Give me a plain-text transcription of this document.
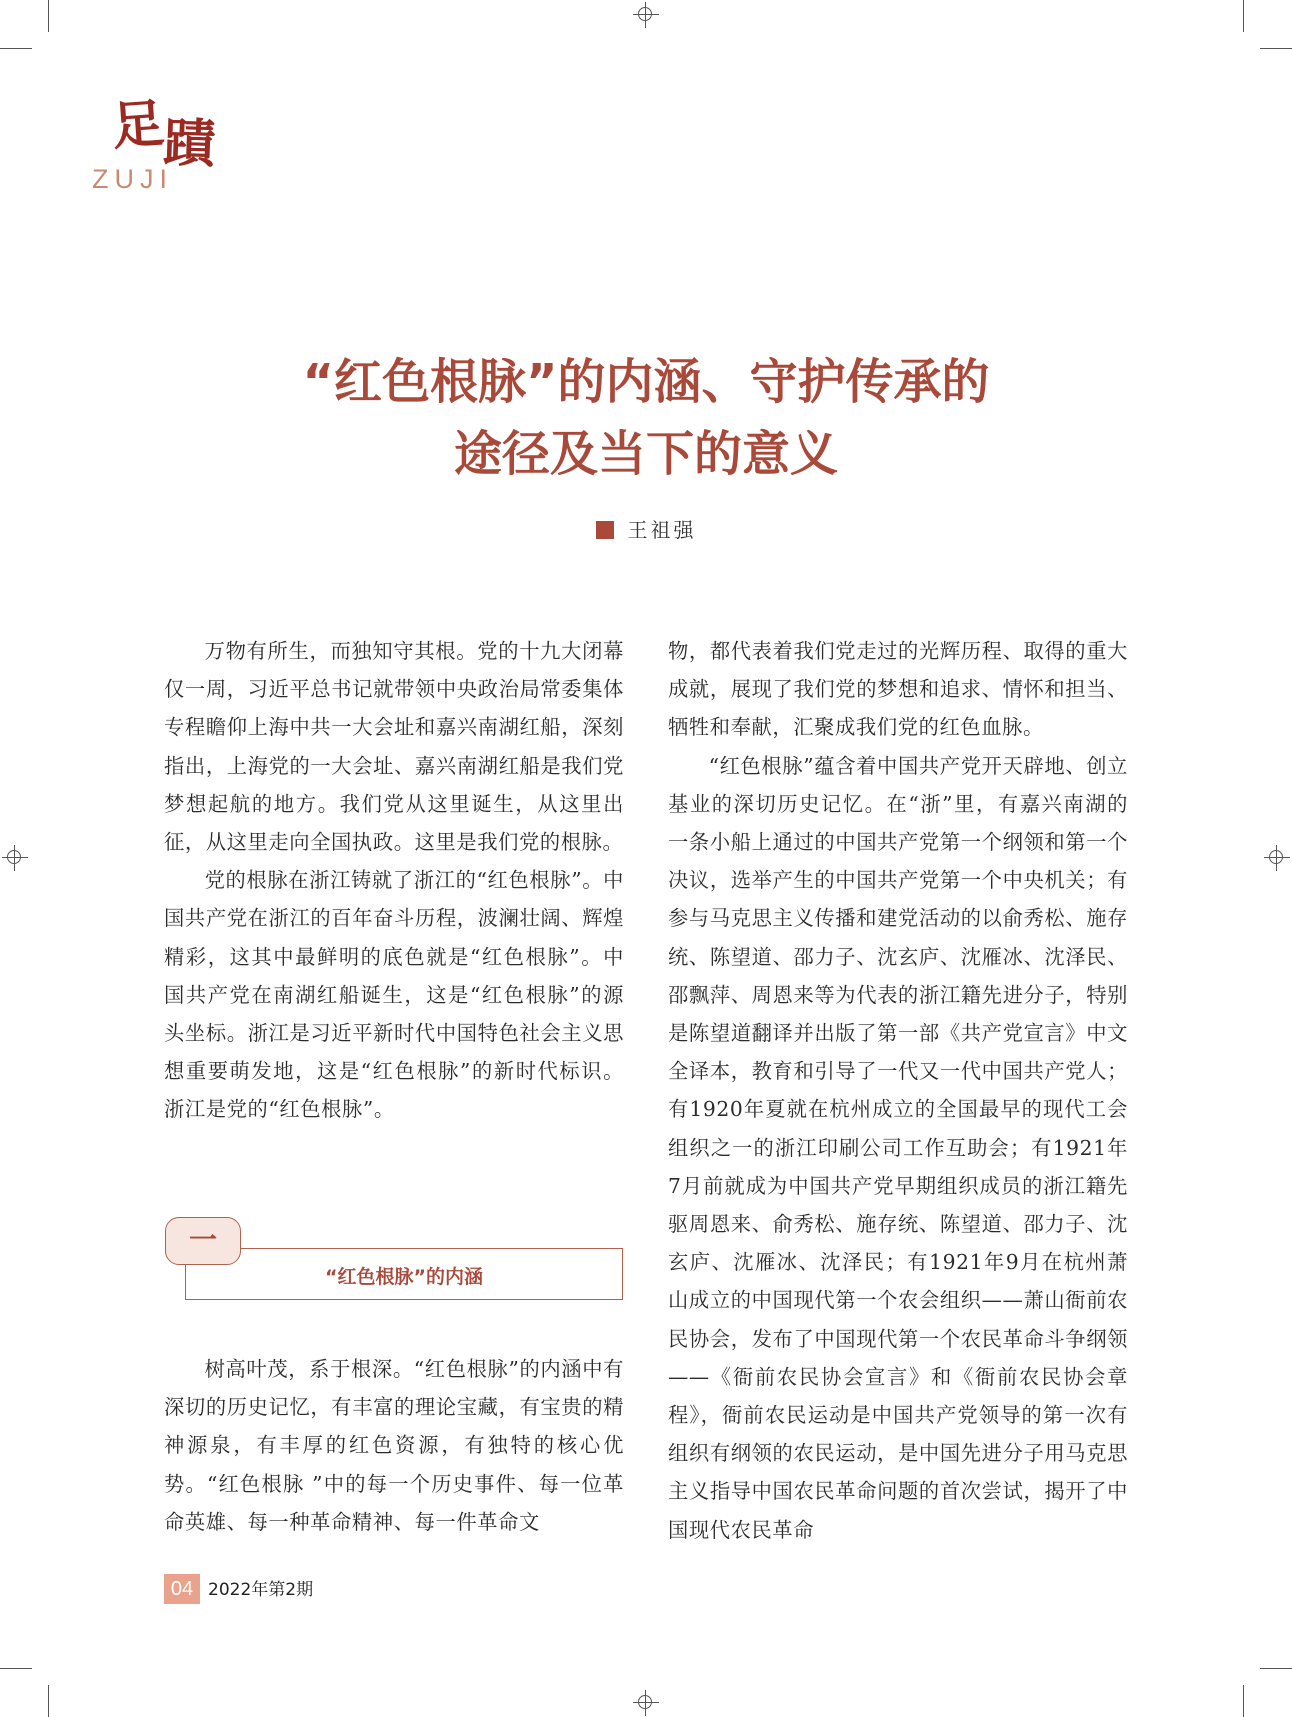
足蹟
ZUJI
“红色根脉”的内涵、守护传承的
途径及当下的意义
王祖强

万物有所生，而独知守其根。党的十九大闭幕仅一周，习近平总书记就带领中央政治局常委集体专程瞻仰上海中共一大会址和嘉兴南湖红船，深刻指出，上海党的一大会址、嘉兴南湖红船是我们党梦想起航的地方。我们党从这里诞生，从这里出征，从这里走向全国执政。这里是我们党的根脉。

党的根脉在浙江铸就了浙江的“红色根脉”。中国共产党在浙江的百年奋斗历程，波澜壮阔、辉煌精彩，这其中最鲜明的底色就是“红色根脉”。中国共产党在南湖红船诞生，这是“红色根脉”的源头坐标。浙江是习近平新时代中国特色社会主义思想重要萌发地，这是“红色根脉”的新时代标识。浙江是党的“红色根脉”。

一
“红色根脉”的内涵

树高叶茂，系于根深。“红色根脉”的内涵中有深切的历史记忆，有丰富的理论宝藏，有宝贵的精神源泉，有丰厚的红色资源，有独特的核心优势。“红色根脉 ”中的每一个历史事件、每一位革命英雄、每一种革命精神、每一件革命文

物，都代表着我们党走过的光辉历程、取得的重大成就，展现了我们党的梦想和追求、情怀和担当、牺牲和奉献，汇聚成我们党的红色血脉。

“红色根脉”蕴含着中国共产党开天辟地、创立基业的深切历史记忆。在“浙”里，有嘉兴南湖的一条小船上通过的中国共产党第一个纲领和第一个决议，选举产生的中国共产党第一个中央机关；有参与马克思主义传播和建党活动的以俞秀松、施存统、陈望道、邵力子、沈玄庐、沈雁冰、沈泽民、邵飘萍、周恩来等为代表的浙江籍先进分子，特别是陈望道翻译并出版了第一部《共产党宣言》中文全译本，教育和引导了一代又一代中国共产党人；有1920年夏就在杭州成立的全国最早的现代工会组织之一的浙江印刷公司工作互助会；有1921年7月前就成为中国共产党早期组织成员的浙江籍先驱周恩来、俞秀松、施存统、陈望道、邵力子、沈玄庐、沈雁冰、沈泽民；有1921年9月在杭州萧山成立的中国现代第一个农会组织——萧山衙前农民协会，发布了中国现代第一个农民革命斗争纲领——《衙前农民协会宣言》和《衙前农民协会章程》，衙前农民运动是中国共产党领导的第一次有组织有纲领的农民运动，是中国先进分子用马克思主义指导中国农民革命问题的首次尝试，揭开了中国现代农民革命

04 2022年第2期
